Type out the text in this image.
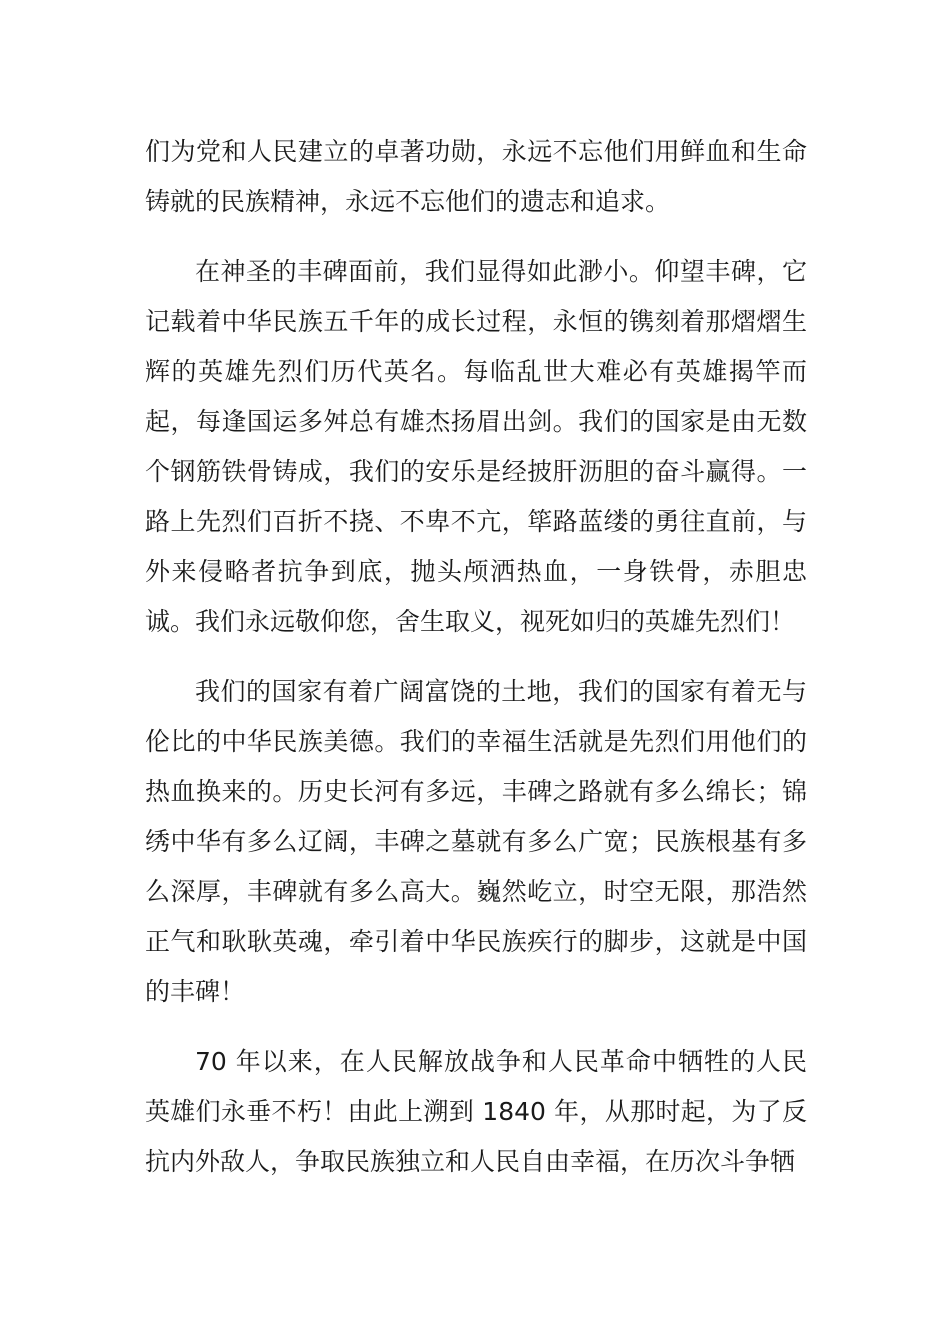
们为党和人民建立的卓著功勋，永远不忘他们用鲜血和生命铸就的民族精神，永远不忘他们的遗志和追求。

在神圣的丰碑面前，我们显得如此渺小。仰望丰碑，它记载着中华民族五千年的成长过程，永恒的镌刻着那熠熠生辉的英雄先烈们历代英名。每临乱世大难必有英雄揭竿而起，每逢国运多舛总有雄杰扬眉出剑。我们的国家是由无数个钢筋铁骨铸成，我们的安乐是经披肝沥胆的奋斗赢得。一路上先烈们百折不挠、不卑不亢，筚路蓝缕的勇往直前，与外来侵略者抗争到底，抛头颅洒热血，一身铁骨，赤胆忠诚。我们永远敬仰您，舍生取义，视死如归的英雄先烈们！

我们的国家有着广阔富饶的土地，我们的国家有着无与伦比的中华民族美德。我们的幸福生活就是先烈们用他们的热血换来的。历史长河有多远，丰碑之路就有多么绵长；锦绣中华有多么辽阔，丰碑之墓就有多么广宽；民族根基有多么深厚，丰碑就有多么高大。巍然屹立，时空无限，那浩然正气和耿耿英魂，牵引着中华民族疾行的脚步，这就是中国的丰碑！

70 年以来，在人民解放战争和人民革命中牺牲的人民英雄们永垂不朽！由此上溯到 1840 年，从那时起，为了反抗内外敌人，争取民族独立和人民自由幸福，在历次斗争牺
